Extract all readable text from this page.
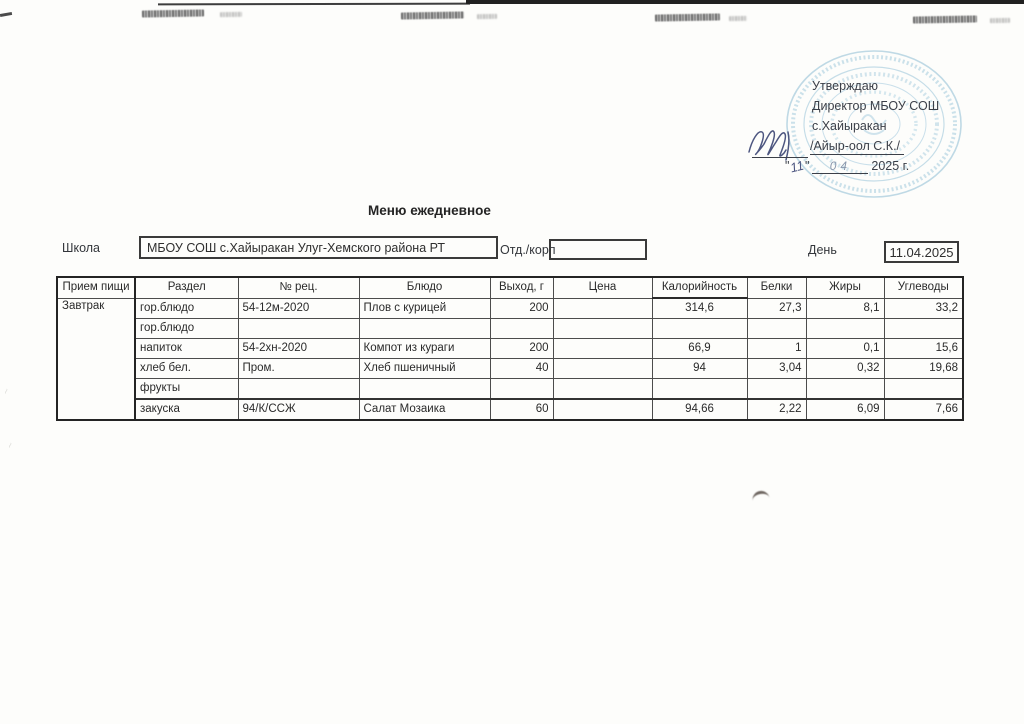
~
~
Утверждаю
Директор МБОУ СОШ
с.Хайыракан
/Айыр-оол С.К./
"11" 04 2025 г.
Меню ежедневное
Школа	МБОУ СОШ с.Хайыракан Улуг-Хемского района РТ	Отд./корп	День	11.04.2025
Прием пищи	Раздел	№ рец.	Блюдо	Выход, г	Цена	Калорийность	Белки	Жиры	Углеводы
Завтрак	гор.блюдо	54-12м-2020	Плов с курицей	200		314,6	27,3	8,1	33,2
	гор.блюдо								
	напиток	54-2хн-2020	Компот из кураги	200		66,9	1	0,1	15,6
	хлеб бел.	Пром.	Хлеб пшеничный	40		94	3,04	0,32	19,68
	фрукты								
	закуска	94/К/ССЖ	Салат Мозаика	60		94,66	2,22	6,09	7,66
